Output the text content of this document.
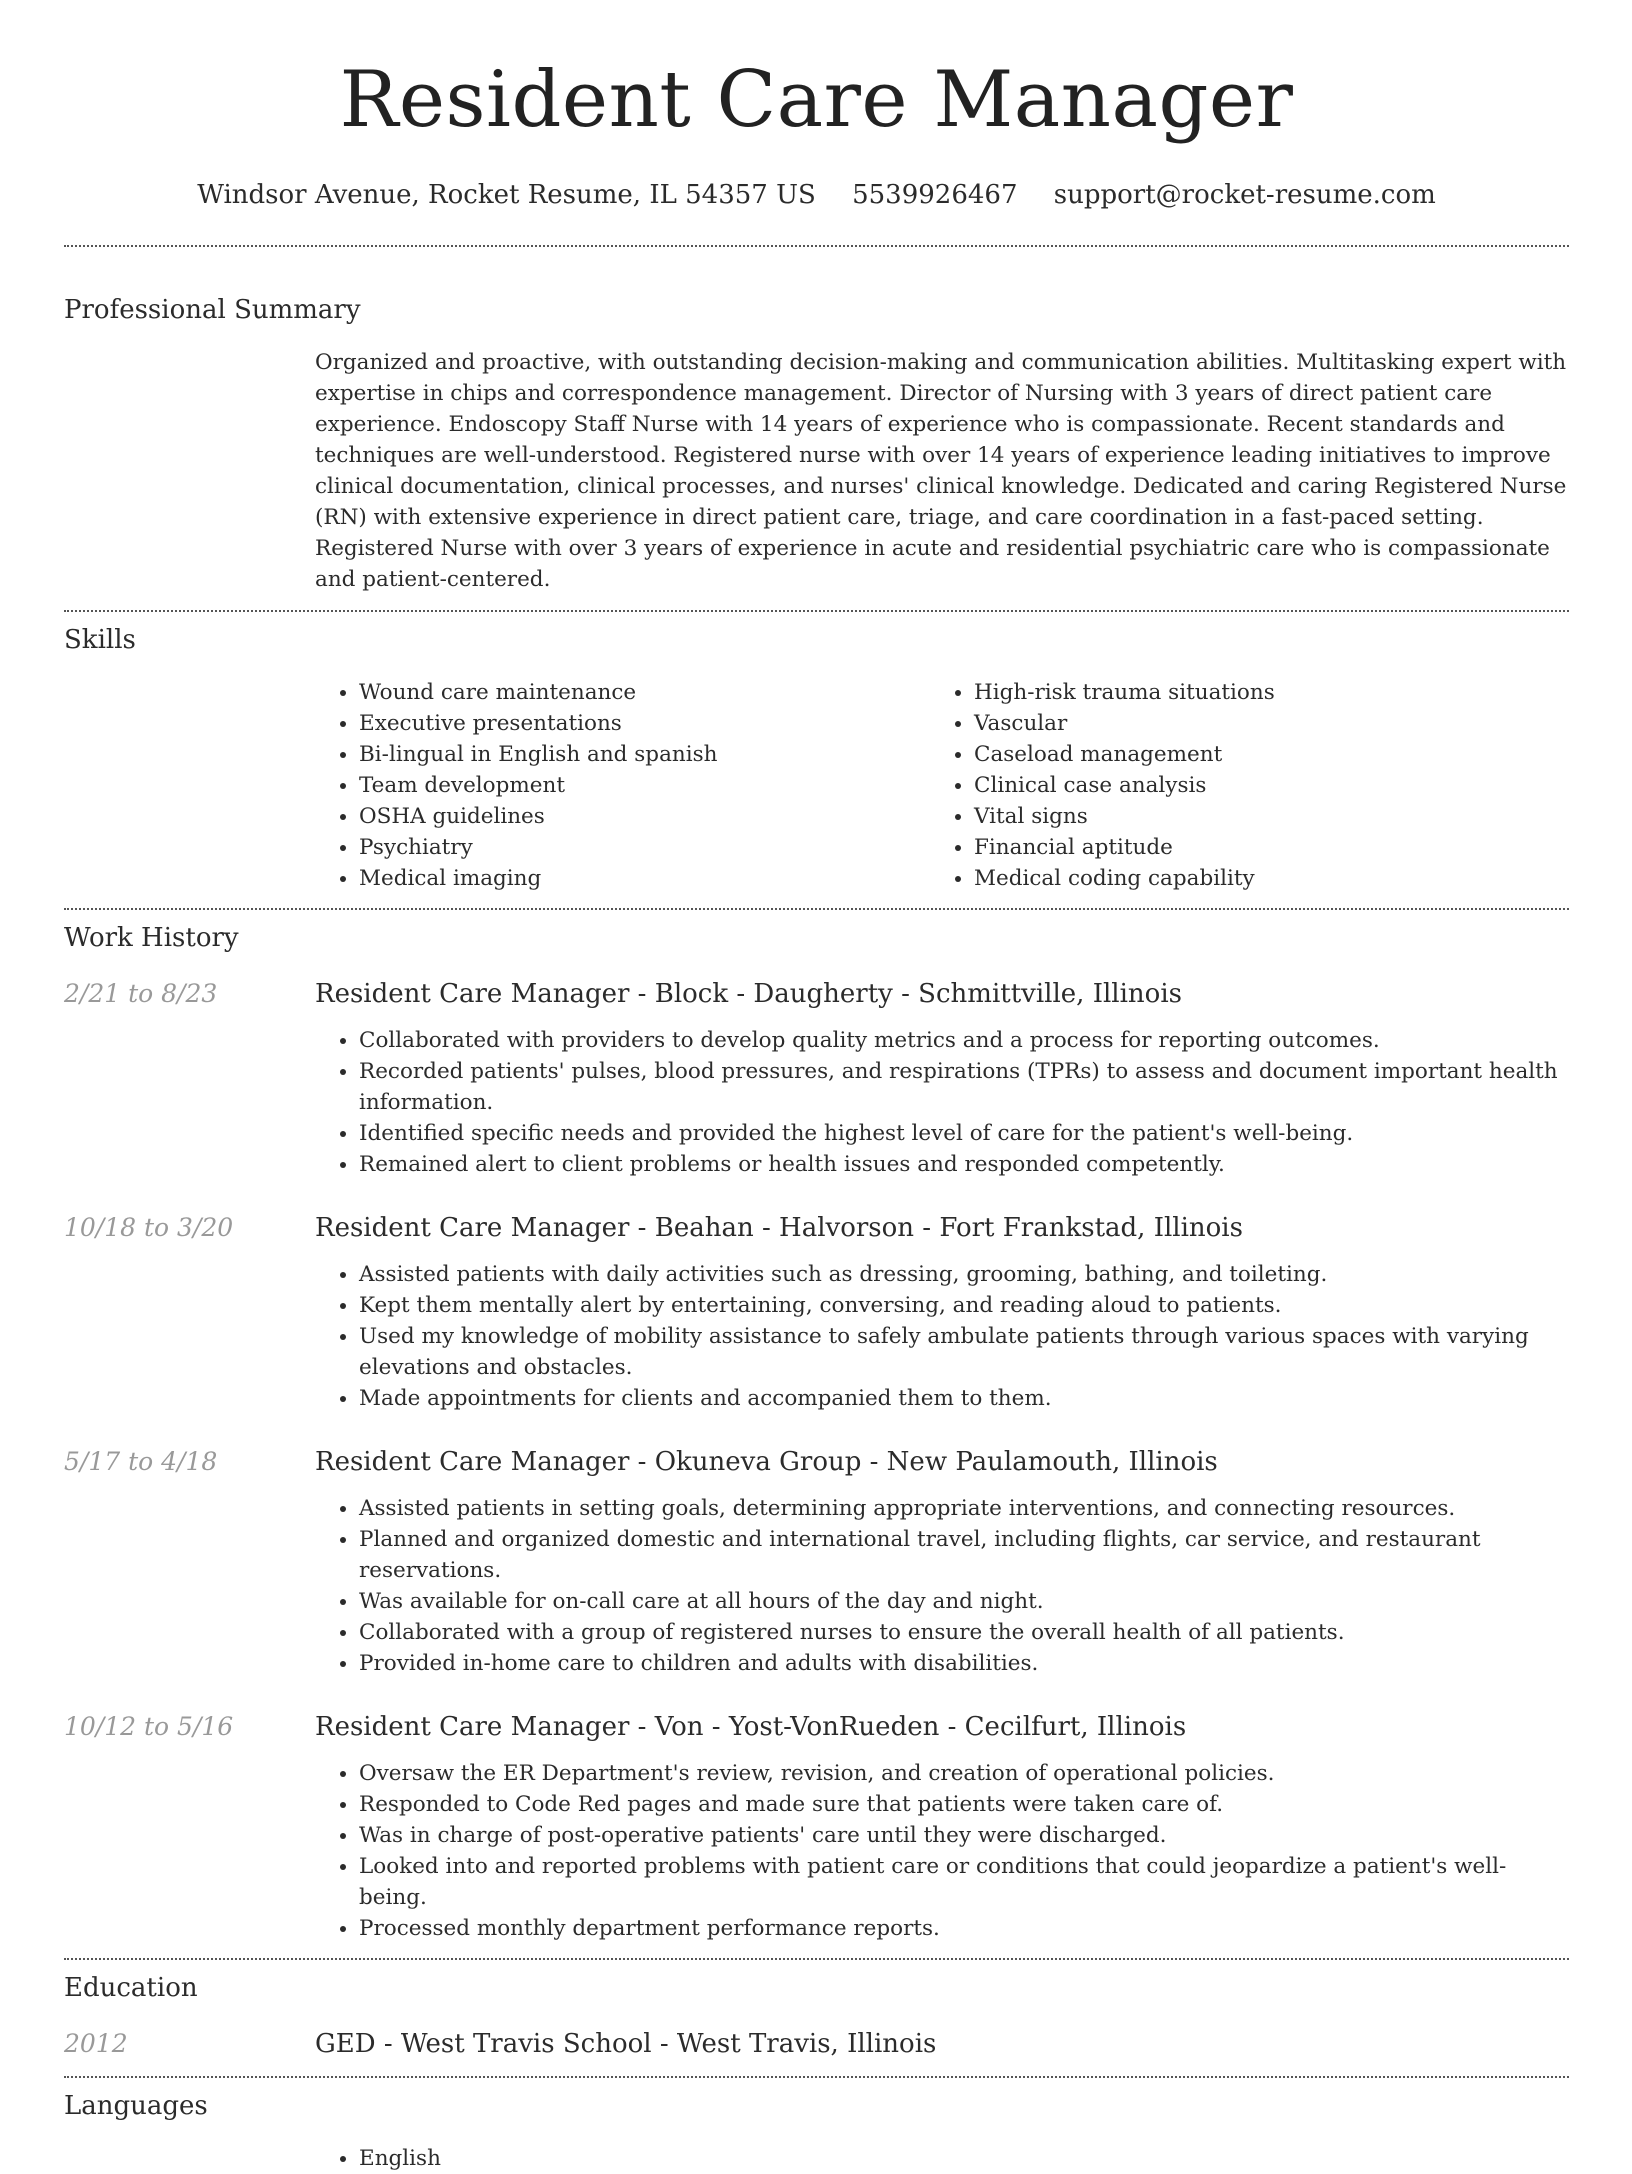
Resident Care Manager
Windsor Avenue, Rocket Resume, IL 54357 US 5539926467 support@rocket-resume.com
Professional Summary
Organized and proactive, with outstanding decision-making and communication abilities. Multitasking expert with expertise in chips and correspondence management. Director of Nursing with 3 years of direct patient care experience. Endoscopy Staff Nurse with 14 years of experience who is compassionate. Recent standards and techniques are well-understood. Registered nurse with over 14 years of experience leading initiatives to improve clinical documentation, clinical processes, and nurses' clinical knowledge. Dedicated and caring Registered Nurse (RN) with extensive experience in direct patient care, triage, and care coordination in a fast-paced setting. Registered Nurse with over 3 years of experience in acute and residential psychiatric care who is compassionate and patient-centered.
Skills
• Wound care maintenance
• Executive presentations
• Bi-lingual in English and spanish
• Team development
• OSHA guidelines
• Psychiatry
• Medical imaging
• High-risk trauma situations
• Vascular
• Caseload management
• Clinical case analysis
• Vital signs
• Financial aptitude
• Medical coding capability
Work History
2/21 to 8/23	Resident Care Manager - Block - Daugherty - Schmittville, Illinois
• Collaborated with providers to develop quality metrics and a process for reporting outcomes.
• Recorded patients' pulses, blood pressures, and respirations (TPRs) to assess and document important health information.
• Identified specific needs and provided the highest level of care for the patient's well-being.
• Remained alert to client problems or health issues and responded competently.
10/18 to 3/20	Resident Care Manager - Beahan - Halvorson - Fort Frankstad, Illinois
• Assisted patients with daily activities such as dressing, grooming, bathing, and toileting.
• Kept them mentally alert by entertaining, conversing, and reading aloud to patients.
• Used my knowledge of mobility assistance to safely ambulate patients through various spaces with varying elevations and obstacles.
• Made appointments for clients and accompanied them to them.
5/17 to 4/18	Resident Care Manager - Okuneva Group - New Paulamouth, Illinois
• Assisted patients in setting goals, determining appropriate interventions, and connecting resources.
• Planned and organized domestic and international travel, including flights, car service, and restaurant reservations.
• Was available for on-call care at all hours of the day and night.
• Collaborated with a group of registered nurses to ensure the overall health of all patients.
• Provided in-home care to children and adults with disabilities.
10/12 to 5/16	Resident Care Manager - Von - Yost-VonRueden - Cecilfurt, Illinois
• Oversaw the ER Department's review, revision, and creation of operational policies.
• Responded to Code Red pages and made sure that patients were taken care of.
• Was in charge of post-operative patients' care until they were discharged.
• Looked into and reported problems with patient care or conditions that could jeopardize a patient's well-being.
• Processed monthly department performance reports.
Education
2012	GED - West Travis School - West Travis, Illinois
Languages
• English
